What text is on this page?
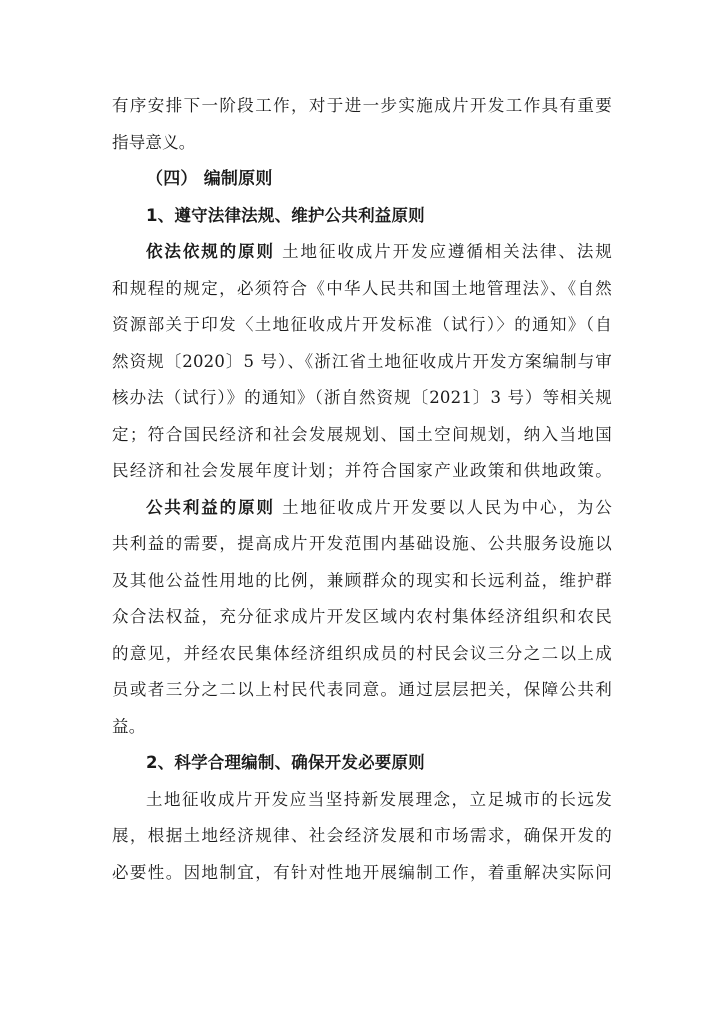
有序安排下一阶段工作，对于进一步实施成片开发工作具有重要
指导意义。
（四） 编制原则
1、遵守法律法规、维护公共利益原则
依法依规的原则 土地征收成片开发应遵循相关法律、法规
和规程的规定，必须符合《中华人民共和国土地管理法》、《自然
资源部关于印发〈土地征收成片开发标准（试行）〉的通知》（自
然资规〔2020〕5 号）、《浙江省土地征收成片开发方案编制与审
核办法（试行）》的通知》（浙自然资规〔2021〕3 号）等相关规
定；符合国民经济和社会发展规划、国土空间规划，纳入当地国
民经济和社会发展年度计划；并符合国家产业政策和供地政策。
公共利益的原则 土地征收成片开发要以人民为中心，为公
共利益的需要，提高成片开发范围内基础设施、公共服务设施以
及其他公益性用地的比例，兼顾群众的现实和长远利益，维护群
众合法权益，充分征求成片开发区域内农村集体经济组织和农民
的意见，并经农民集体经济组织成员的村民会议三分之二以上成
员或者三分之二以上村民代表同意。通过层层把关，保障公共利
益。
2、科学合理编制、确保开发必要原则
土地征收成片开发应当坚持新发展理念，立足城市的长远发
展，根据土地经济规律、社会经济发展和市场需求，确保开发的
必要性。因地制宜，有针对性地开展编制工作，着重解决实际问
